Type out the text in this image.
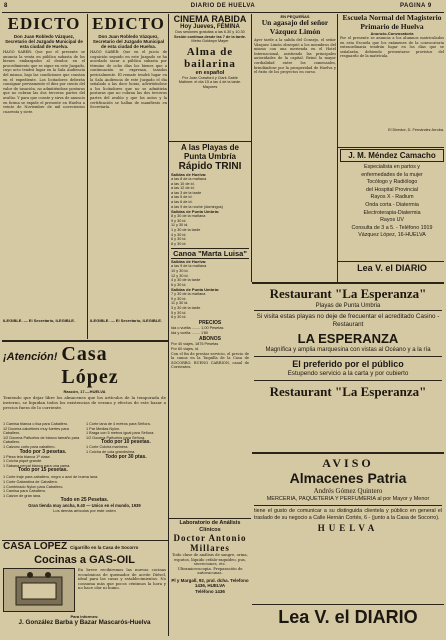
8	DIARIO DE HUELVA	PAGINA 9
EDICTO
Don Juan Robledo Vázquez, Secretario del Juzgado Municipal de esta ciudad de Huelva.
HAGO SABER: Que por el presente se anuncia la venta en pública subasta de los bienes embargados al deudor, en el procedimiento que se sigue en este Juzgado, cuyo acto tendrá lugar en la Sala Audiencia del mismo, bajo las condiciones que constan en el expediente. Los licitadores deberán consignar previamente el diez por ciento del valor de tasación, no admitiéndose posturas que no cubran las dos terceras partes del avalúo. Y para que conste y sirva de anuncio en forma se expide el presente en Huelva a veinte de Noviembre de mil novecientos cuarenta y siete.
ILEGIBLE. — El Secretario, ILEGIBLE.
EDICTO
Don Juan Robledo Vázquez, Secretario del Juzgado Municipal de esta ciudad de Huelva.
HAGO SABER: Que en el juicio de cognición seguido en este Juzgado se ha acordado sacar a pública subasta por término de ocho días los bienes que a continuación se expresan, tasados pericialmente. El remate tendrá lugar en la Sala Audiencia de este Juzgado el día señalado a las doce horas, advirtiéndose a los licitadores que no se admitirán posturas que no cubran las dos terceras partes del avalúo y que los autos y la certificación se hallan de manifiesto en Secretaría.
ILEGIBLE. — El Secretario, ILEGIBLE.
¡Atención! Casa López
Rascón, 17.—HUELVA
Teniendo que dejar libre los almacenes que los artículos de la temporada de invierno, se liquidan todos los existencias de verano y efectos de este bazar a precios fuera de lo corriente.
1 Camisa blanca o lisa para Caballero.
12 Docena calcetines muy fuertes para Caballero.
1/2 Docena Pañuelos de blanco tamaño para Caballero.
1 Calzonc corto para caballero.
Todo por 3 pesetas.
1 Pieza tela blanca 1ª clase.
1 Colcha piqué grande.
1 Sábana percal blanca para una cama.
Todo por 15 pesetas.
1 Corte lana de 4 metros para Señora.
1 Par Medias Nylon.
1 Braga con 5 metros igual para Señora.
1/2 Docena Pañuelos para Señora.
Todo por 10 pesetas.
1 Corte Colcha marinera.
1 Colcha de cola grandísima.
Todo por 30 ptas.
1 Corte traje para caballero, negro o azul de buena lana.
1 Corte Gabardina de Caballero.
1 Combinado Nylon para Caballero.
1 Camisa para Caballero.
1 Calzon de gran lana.
Todo en 25 Pesetas.
Gran tienda muy ancha, 9.40 — Unico en el mundo, 1939
Los demás artículos por este orden
CASA LOPEZ Cigarrillo en la Casa de Socorro
Cocinas a GAS-OIL
En breve recibiremos las nuevas cocinas económicas de quemador de aceite Diésel, ideal para las casas y establecimientos. No consuma más que pocos céntimos la hora y no hace olor ni humo.
Para informes:
J. González Barba y Bazar Mascarós-Huelva
CINEMA RABIDA
Hoy Jueves, FÉMINA
Dos sesiones gratuitas a las 6.30 y 10.30
Sesión continua desde las 7 de la tarde.
Metro Goldwyn Mayer
Alma de bailarina
en español
Por Joan Crawford y Clark Gable
Matinee: el día 15 a las 4 de la tarde.
Mayores
A las Playas de Punta Umbría
Rápido TRINI
Salidas de Huelva:
a las 8 de la mañana
a las 10 de id.
a las 12 de id.
a las 3 de la tarde
a las 5 de id.
a las 6 de id.
a las 9 de la noche (domingos)
Salidas de Punta Umbría:
8 y 30 de la mañana
9 y 30 id.
11 y 30 id.
1 y 30 de la tarde
4 y 30 id.
6 y 30 id.
8 y 30 id.
Canoa "Marta Luisa"
Salidas de Huelva:
a las 9 de la mañana
10 y 30 id.
12 y 30 id.
4 y 30 de la tarde
6 y 30 id.
Salidas de Punta Umbría:
7 y 30 de la mañana
9 y 30 id.
11 y 30 id.
3 y 30 de la tarde
5 y 30 id.
8 y 30 id.
PRECIOS
Ida o vuelta ........ 1,00 Pesetas
Ida y vuelta ........ 1'80
ABONOS
Por 40 viajes, 1875 Pesetas
Por 60 viajes, id.
Con el fin de prestar servicio, el precio de la canoa en la Taquilla de la Casa de SOCORRO. BUENO CARRION, canal de Corrientes.
Laboratorio de Análisis Clínicos
Doctor Antonio Millares
Todo clase de análisis de sangre, orina, esputos, líquido cefalo-raquídeo, pus, secreciones, etc.
Ultramicroscopia. Preparación de autovacunas.
Pl y Margall, 92, pral. dcha. Telefono 1436, HUELVA
Teléfono 1436
EN PEQUEÑAS
Un agasajo del señor Vázquez Limón
Ayer tarde a la salida del Consejo, el señor Vázquez Limón obsequió a los miembros del mismo con una merienda en el Hotel Internacional, asistiendo las principales autoridades de la capital. Reinó la mayor cordialidad entre los comensales, brindándose por la prosperidad de Huelva y el éxito de los proyectos en curso.
Escuela Normal del Magisterio Primario de Huelva
Anuncio-Convocatoria
Por el presente se anuncia a los alumnos matriculados en esta Escuela que los exámenes de la convocatoria extraordinaria tendrán lugar en los días que se señalarán, debiendo presentarse provistos del resguardo de la matrícula.
El Director, D. Fernández Arroba.
J. M. Méndez Camacho
Especialista en partos y
enfermedades de la mujer
Tocólogo y Radiólogo
del Hospital Provincial
Rayos X - Radium
Onda corta - Diatermia
Electroterapia-Diatermia
Rayos UV
Consulta de 3 a 5. - Teléfono 1919
Vázquez López, 16-HUELVA
Lea V. el DIARIO
Restaurant "La Esperanza"
Playas de Punta Umbria
Si visita estas playas no deje de frecuentar el acreditado Casino - Restaurant
LA ESPERANZA
Magnífica y amplia marquesina con vistas al Océano y a la ría
El preferido por el público
Estupendo servicio a la carta y por cubierto
Restaurant "La Esperanza"
AVISO
Almacenes Patria
Andrés Gómez Quintero
MERCERIA, PAQUETERIA Y PERFUMERIA al por Mayor y Menor
tiene el gusto de comunicar a su distinguida clientela y público en general el traslado de su negocio a Calle Hernán Cortés, 6 - (junto a la Casa de Socorro).
HUELVA
Lea V. el DIARIO
